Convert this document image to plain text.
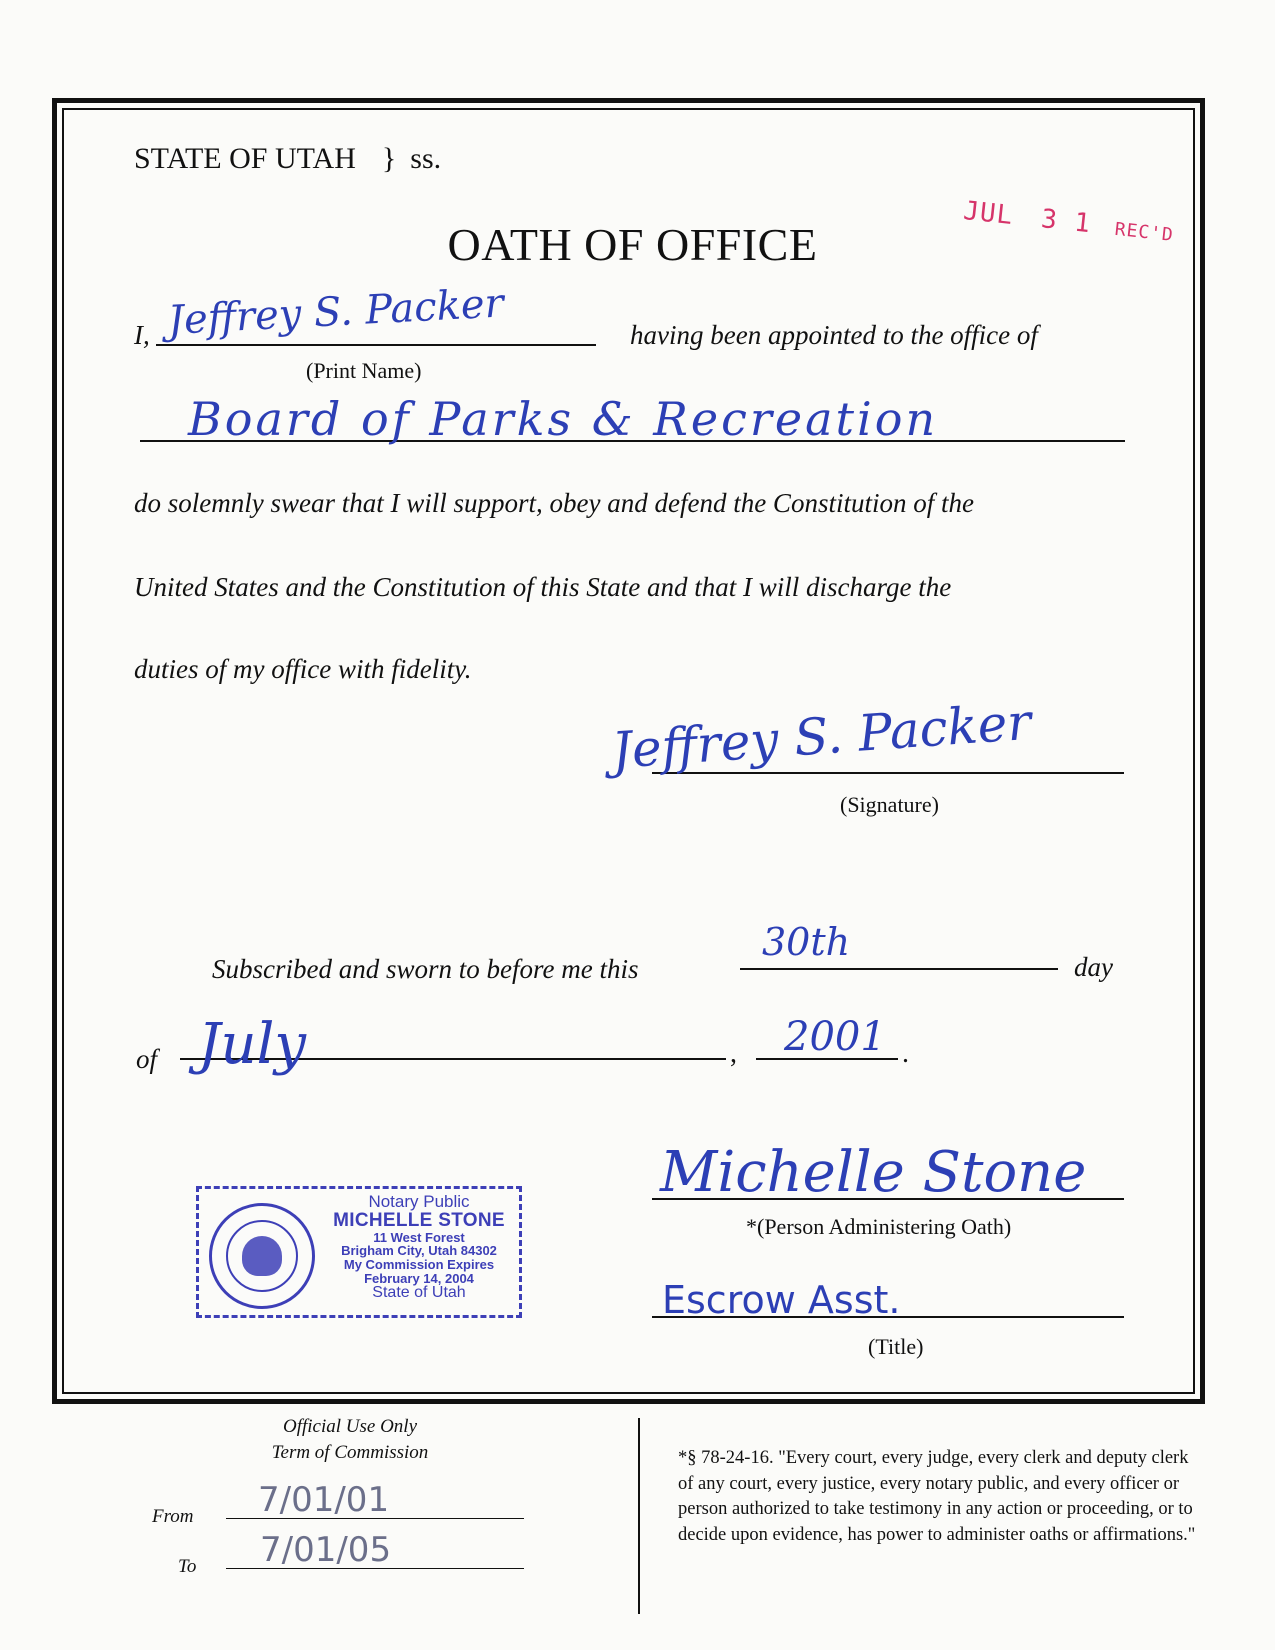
STATE OF UTAH } ss.
JUL 3 1 REC'D
OATH OF OFFICE
I, Jeffrey S. Packer
(Print Name)
having been appointed to the office of
Board of Parks & Recreation
do solemnly swear that I will support, obey and defend the Constitution of the
United States and the Constitution of this State and that I will discharge the
duties of my office with fidelity.
Jeffrey S. Packer
(Signature)
Subscribed and sworn to before me this
30th
day
of July	, 2001 .
Michelle Stone
*(Person Administering Oath)
Escrow Asst.
(Title)
Notary Public
MICHELLE STONE
11 West Forest
Brigham City, Utah 84302
My Commission Expires
February 14, 2004
State of Utah
Official Use Only
Term of Commission
From 7/01/01
To 7/01/05
*§ 78-24-16. "Every court, every judge, every clerk and deputy clerk of any court, every justice, every notary public, and every officer or person authorized to take testimony in any action or proceeding, or to decide upon evidence, has power to administer oaths or affirmations."
